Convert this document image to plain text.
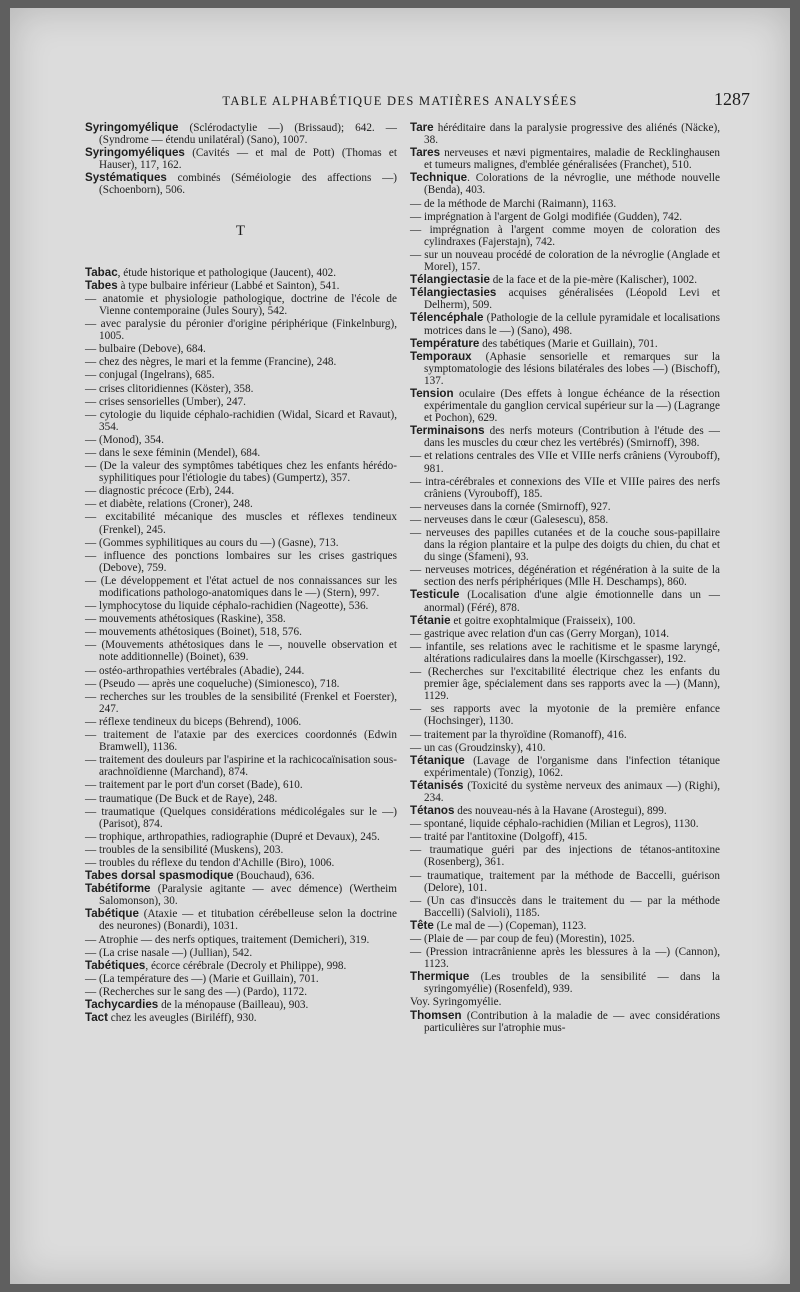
TABLE ALPHABÉTIQUE DES MATIÈRES ANALYSÉES	1287
Syringomyélique (Sclérodactylie —) (Brissaud); 642. — (Syndrome — étendu unilatéral) (Sano), 1007.
Syringomyéliques (Cavités — et mal de Pott) (Thomas et Hauser), 117, 162.
Systématiques combinés (Séméiologie des affections —) (Schoenborn), 506.
T
Tabac, étude historique et pathologique (Jaucent), 402.
Tabes à type bulbaire inférieur (Labbé et Sainton), 541.
— anatomie et physiologie pathologique, doctrine de l'école de Vienne contemporaine (Jules Soury), 542.
— avec paralysie du péronier d'origine périphérique (Finkelnburg), 1005.
— bulbaire (Debove), 684.
— chez des nègres, le mari et la femme (Francine), 248.
— conjugal (Ingelrans), 685.
— crises clitoridiennes (Köster), 358.
— crises sensorielles (Umber), 247.
— cytologie du liquide céphalo-rachidien (Widal, Sicard et Ravaut), 354.
— (Monod), 354.
— dans le sexe féminin (Mendel), 684.
— (De la valeur des symptômes tabétiques chez les enfants hérédo-syphilitiques pour l'étiologie du tabes) (Gumpertz), 357.
— diagnostic précoce (Erb), 244.
— et diabète, relations (Croner), 248.
— excitabilité mécanique des muscles et réflexes tendineux (Frenkel), 245.
— (Gommes syphilitiques au cours du —) (Gasne), 713.
— influence des ponctions lombaires sur les crises gastriques (Debove), 759.
— (Le développement et l'état actuel de nos connaissances sur les modifications pathologo-anatomiques dans le —) (Stern), 997.
— lymphocytose du liquide céphalo-rachidien (Nageotte), 536.
— mouvements athétosiques (Raskine), 358.
— mouvements athétosiques (Boinet), 518, 576.
— (Mouvements athétosiques dans le —, nouvelle observation et note additionnelle) (Boinet), 639.
— ostéo-arthropathies vertébrales (Abadie), 244.
— (Pseudo — après une coqueluche) (Simionesco), 718.
— recherches sur les troubles de la sensibilité (Frenkel et Foerster), 247.
— réflexe tendineux du biceps (Behrend), 1006.
— traitement de l'ataxie par des exercices coordonnés (Edwin Bramwell), 1136.
— traitement des douleurs par l'aspirine et la rachicocaïnisation sous-arachnoïdienne (Marchand), 874.
— traitement par le port d'un corset (Bade), 610.
— traumatique (De Buck et de Raye), 248.
— traumatique (Quelques considérations médicolégales sur le —) (Parisot), 874.
— trophique, arthropathies, radiographie (Dupré et Devaux), 245.
— troubles de la sensibilité (Muskens), 203.
— troubles du réflexe du tendon d'Achille (Biro), 1006.
Tabes dorsal spasmodique (Bouchaud), 636.
Tabétiforme (Paralysie agitante — avec démence) (Wertheim Salomonson), 30.
Tabétique (Ataxie — et titubation cérébelleuse selon la doctrine des neurones) (Bonardi), 1031.
— Atrophie — des nerfs optiques, traitement (Demicheri), 319.
— (La crise nasale —) (Jullian), 542.
Tabétiques, écorce cérébrale (Decroly et Philippe), 998.
— (La température des —) (Marie et Guillain), 701.
— (Recherches sur le sang des —) (Pardo), 1172.
Tachycardies de la ménopause (Bailleau), 903.
Tact chez les aveugles (Biriléff), 930.
Tare héréditaire dans la paralysie progressive des aliénés (Näcke), 38.
Tares nerveuses et nævi pigmentaires, maladie de Recklinghausen et tumeurs malignes, d'emblée généralisées (Franchet), 510.
Technique. Colorations de la névroglie, une méthode nouvelle (Benda), 403.
— de la méthode de Marchi (Raimann), 1163.
— imprégnation à l'argent de Golgi modifiée (Gudden), 742.
— imprégnation à l'argent comme moyen de coloration des cylindraxes (Fajerstajn), 742.
— sur un nouveau procédé de coloration de la névroglie (Anglade et Morel), 157.
Télangiectasie de la face et de la pie-mère (Kalischer), 1002.
Télangiectasies acquises généralisées (Léopold Levi et Delherm), 509.
Télencéphale (Pathologie de la cellule pyramidale et localisations motrices dans le —) (Sano), 498.
Température des tabétiques (Marie et Guillain), 701.
Temporaux (Aphasie sensorielle et remarques sur la symptomatologie des lésions bilatérales des lobes —) (Bischoff), 137.
Tension oculaire (Des effets à longue échéance de la résection expérimentale du ganglion cervical supérieur sur la —) (Lagrange et Pochon), 629.
Terminaisons des nerfs moteurs (Contribution à l'étude des — dans les muscles du cœur chez les vertébrés) (Smirnoff), 398.
— et relations centrales des VIIe et VIIIe nerfs crâniens (Vyrouboff), 981.
— intra-cérébrales et connexions des VIIe et VIIIe paires des nerfs crâniens (Vyrouboff), 185.
— nerveuses dans la cornée (Smirnoff), 927.
— nerveuses dans le cœur (Galesescu), 858.
— nerveuses des papilles cutanées et de la couche sous-papillaire dans la région plantaire et la pulpe des doigts du chien, du chat et du singe (Sfameni), 93.
— nerveuses motrices, dégénération et régénération à la suite de la section des nerfs périphériques (Mlle H. Deschamps), 860.
Testicule (Localisation d'une algie émotionnelle dans un — anormal) (Féré), 878.
Tétanie et goitre exophtalmique (Fraisseix), 100.
— gastrique avec relation d'un cas (Gerry Morgan), 1014.
— infantile, ses relations avec le rachitisme et le spasme laryngé, altérations radiculaires dans la moelle (Kirschgasser), 192.
— (Recherches sur l'excitabilité électrique chez les enfants du premier âge, spécialement dans ses rapports avec la —) (Mann), 1129.
— ses rapports avec la myotonie de la première enfance (Hochsinger), 1130.
— traitement par la thyroïdine (Romanoff), 416.
— un cas (Groudzinsky), 410.
Tétanique (Lavage de l'organisme dans l'infection tétanique expérimentale) (Tonzig), 1062.
Tétanisés (Toxicité du système nerveux des animaux —) (Righi), 234.
Tétanos des nouveau-nés à la Havane (Arostegui), 899.
— spontané, liquide céphalo-rachidien (Milian et Legros), 1130.
— traité par l'antitoxine (Dolgoff), 415.
— traumatique guéri par des injections de tétanos-antitoxine (Rosenberg), 361.
— traumatique, traitement par la méthode de Baccelli, guérison (Delore), 101.
— (Un cas d'insuccès dans le traitement du — par la méthode Baccelli) (Salvioli), 1185.
Tête (Le mal de —) (Copeman), 1123.
— (Plaie de — par coup de feu) (Morestin), 1025.
— (Pression intracrânienne après les blessures à la —) (Cannon), 1123.
Thermique (Les troubles de la sensibilité — dans la syringomyélie) (Rosenfeld), 939.
Voy. Syringomyélie.
Thomsen (Contribution à la maladie de — avec considérations particulières sur l'atrophie mus-
